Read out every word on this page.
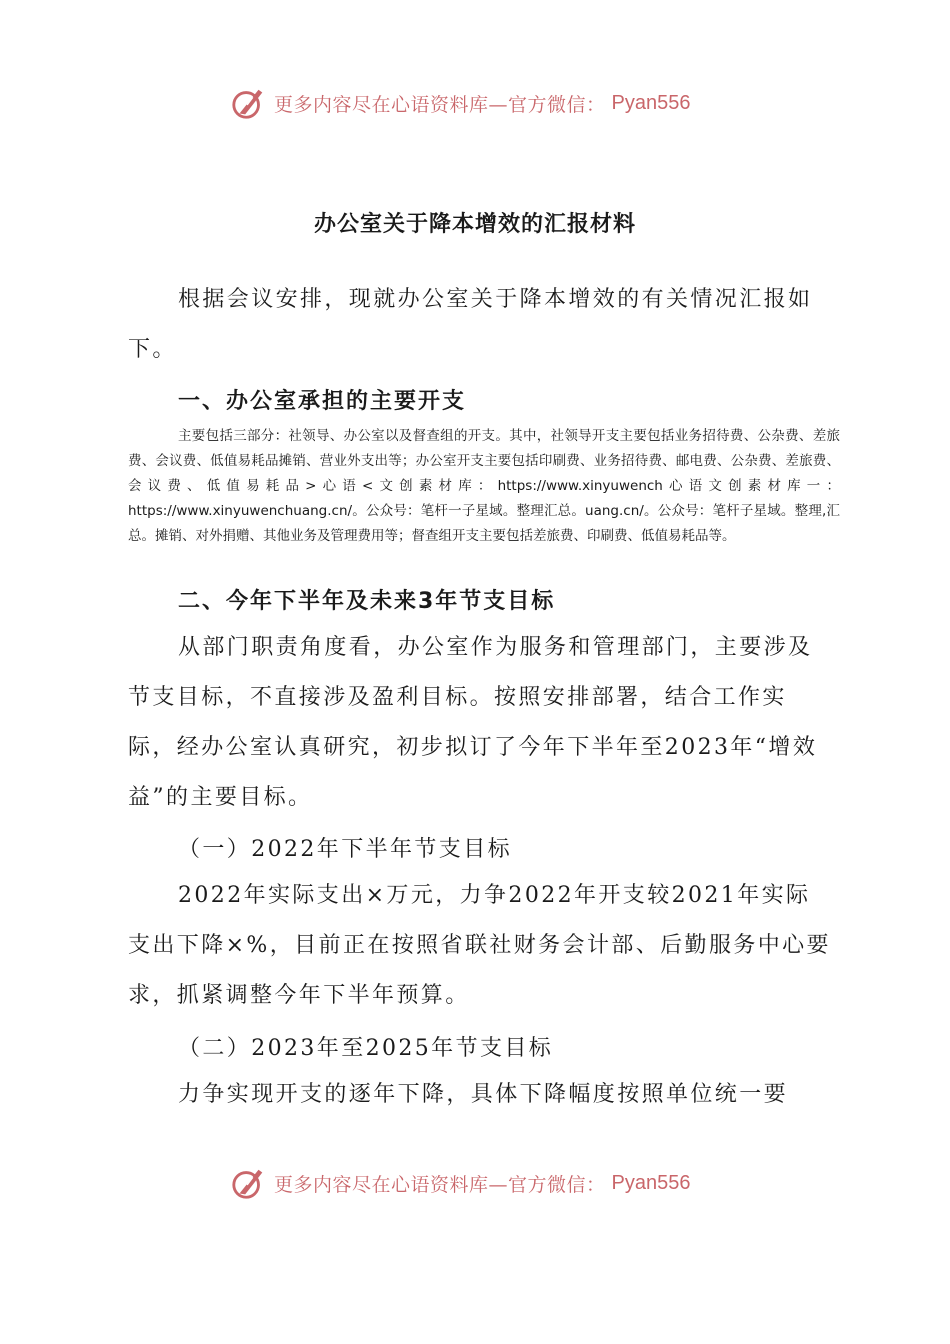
更多内容尽在心语资料库—官方微信： Pyan556
办公室关于降本增效的汇报材料

根据会议安排，现就办公室关于降本增效的有关情况汇报如下。

一、办公室承担的主要开支

主要包括三部分：社领导、办公室以及督查组的开支。其中，社领导开支主要包括业务招待费、公杂费、差旅费、会议费、低值易耗品摊销、营业外支出等；办公室开支主要包括印刷费、业务招待费、邮电费、公杂费、差旅费、会议费、低值易耗品>心语<文创素材库：https://www.xinyuwench心语文创素材库一：https://www.xinyuwenchuang.cn/。公众号：笔杆一子星域。整理汇总。uang.cn/。公众号：笔杆子星域。整理,汇总。摊销、对外捐赠、其他业务及管理费用等；督查组开支主要包括差旅费、印刷费、低值易耗品等。

二、今年下半年及未来3年节支目标

从部门职责角度看，办公室作为服务和管理部门，主要涉及节支目标，不直接涉及盈利目标。按照安排部署，结合工作实际，经办公室认真研究，初步拟订了今年下半年至2023年“增效益”的主要目标。

（一）2022年下半年节支目标

2022年实际支出×万元，力争2022年开支较2021年实际支出下降×%，目前正在按照省联社财务会计部、后勤服务中心要求，抓紧调整今年下半年预算。

（二）2023年至2025年节支目标

力争实现开支的逐年下降，具体下降幅度按照单位统一要

更多内容尽在心语资料库—官方微信： Pyan556
